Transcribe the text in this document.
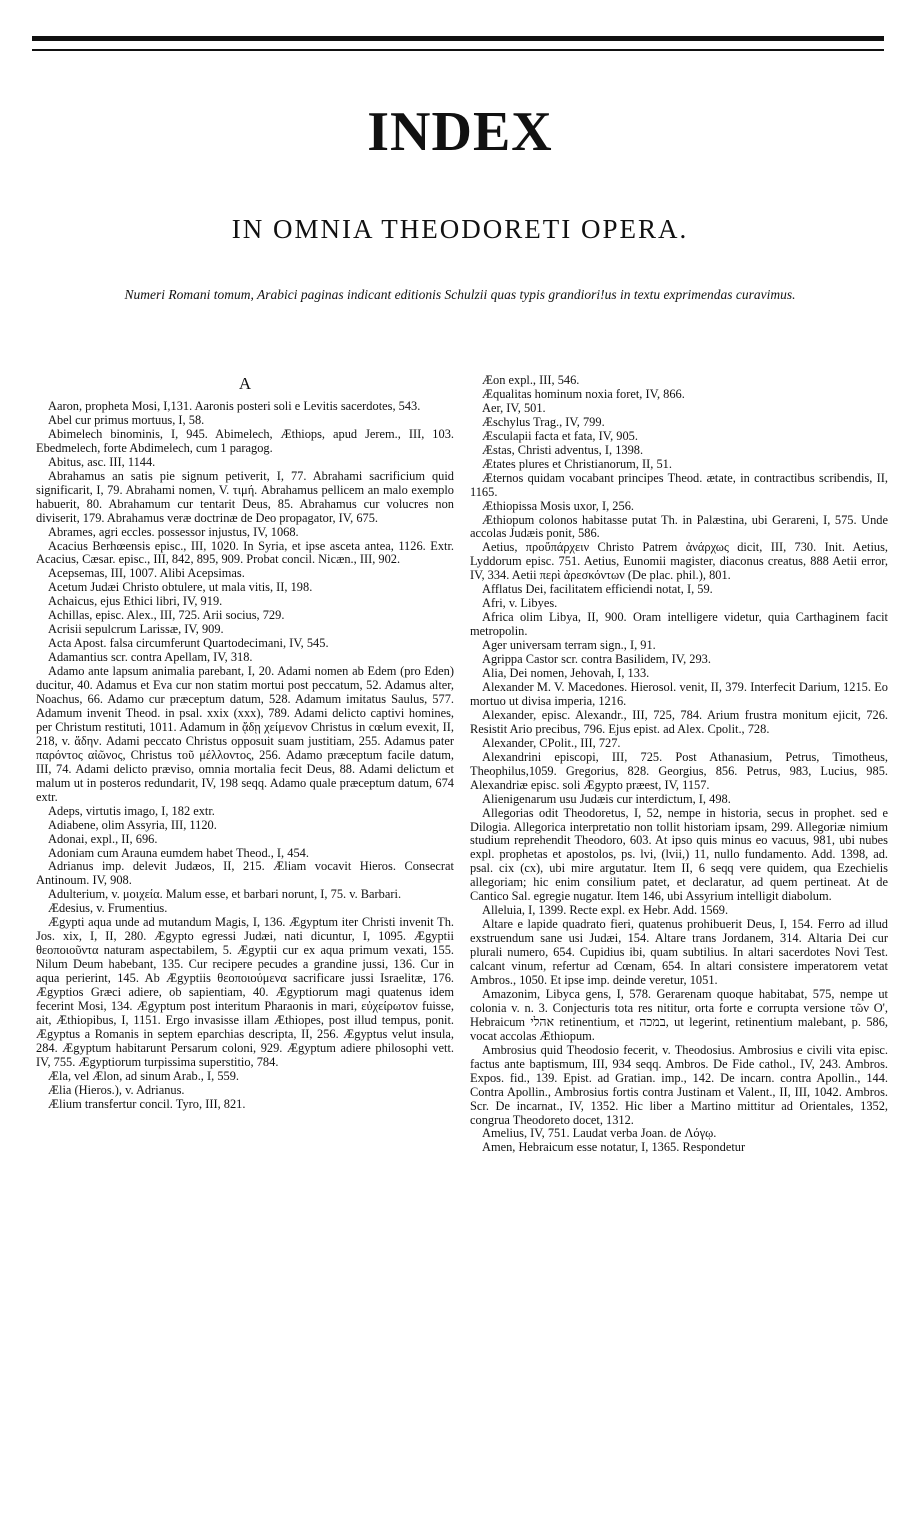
INDEX
IN OMNIA THEODORETI OPERA.
Numeri Romani tomum, Arabici paginas indicant editionis Schulzii quas typis grandiori!us in textu exprimendas curavimus.
A

Aaron, propheta Mosi, I,131. Aaronis posteri soli e Levitis sacerdotes, 543.

Abel cur primus mortuus, I, 58.

Abimelech binominis, I, 945. Abimelech, Æthiops, apud Jerem., III, 103. Ebedmelech, forte Abdimelech, cum 1 paragog.

Abitus, asc. III, 1144.

Abrahamus an satis pie signum petiverit, I, 77. Abrahami sacrificium quid significarit, I, 79. Abrahami nomen, V. τιμή. Abrahamus pellicem an malo exemplo habuerit, 80. Abrahamum cur tentarit Deus, 85. Abrahamus cur volucres non diviserit, 179. Abrahamus veræ doctrinæ de Deo propagator, IV, 675.

Abrames, agri eccles. possessor injustus, IV, 1068.

Acacius Berhœensis episc., III, 1020. In Syria, et ipse asceta antea, 1126. Extr. Acacius, Cæsar. episc., III, 842, 895, 909. Probat concil. Nicæn., III, 902.

Acepsemas, III, 1007. Alibi Acepsimas.

Acetum Judæi Christo obtulere, ut mala vitis, II, 198.

Achaicus, ejus Ethici libri, IV, 919.

Achillas, episc. Alex., III, 725. Arii socius, 729.

Acrisii sepulcrum Larissæ, IV, 909.

Acta Apost. falsa circumferunt Quartodecimani, IV, 545.

Adamantius scr. contra Apellam, IV, 318.

Adamo ante lapsum animalia parebant, I, 20. Adami nomen ab Edem (pro Eden) ducitur, 40. Adamus et Eva cur non statim mortui post peccatum, 52. Adamus alter, Noachus, 66. Adamo cur præceptum datum, 528. Adamum imitatus Saulus, 577. Adamum invenit Theod. in psal. xxix (xxx), 789. Adami delicto captivi homines, per Christum restituti, 1011. Adamum in ᾄδῃ χείμενον Christus in cœlum evexit, II, 218, v. ἅδην. Adami peccato Christus opposuit suam justitiam, 255. Adamus pater παρόντος αἰῶνος, Christus τοῦ μέλλοντος, 256. Adamo præceptum facile datum, III, 74. Adami delicto præviso, omnia mortalia fecit Deus, 88. Adami delictum et malum ut in posteros redundarit, IV, 198 seqq. Adamo quale præceptum datum, 674 extr.

Adeps, virtutis imago, I, 182 extr.

Adiabene, olim Assyria, III, 1120.

Adonai, expl., II, 696.

Adoniam cum Arauna eumdem habet Theod., I, 454.

Adrianus imp. delevit Judæos, II, 215. Æliam vocavit Hieros. Consecrat Antinoum. IV, 908.

Adulterium, v. μοιχεία. Malum esse, et barbari norunt, I, 75. v. Barbari.

Ædesius, v. Frumentius.

Ægypti aqua unde ad mutandum Magis, I, 136. Ægyptum iter Christi invenit Th. Jos. xix, I, II, 280. Ægypto egressi Judæi, nati dicuntur, I, 1095. Ægyptii θεοποιοῦντα naturam aspectabilem, 5. Ægyptii cur ex aqua primum vexati, 155. Nilum Deum habebant, 135. Cur recipere pecudes a grandine jussi, 136. Cur in aqua perierint, 145. Ab Ægyptiis θεοποιούμενα sacrificare jussi Israelitæ, 176. Ægyptios Græci adiere, ob sapientiam, 40. Ægyptiorum magi quatenus idem fecerint Mosi, 134. Ægyptum post interitum Pharaonis in mari, εὐχείρωτον fuisse, ait, Æthiopibus, I, 1151. Ergo invasisse illam Æthiopes, post illud tempus, ponit. Ægyptus a Romanis in septem eparchias descripta, II, 256. Ægyptus velut insula, 284. Ægyptum habitarunt Persarum coloni, 929. Ægyptum adiere philosophi vett. IV, 755. Ægyptiorum turpissima superstitio, 784.

Æla, vel Ælon, ad sinum Arab., I, 559.

Ælia (Hieros.), v. Adrianus.

Ælium transfertur concil. Tyro, III, 821.

Æon expl., III, 546.

Æqualitas hominum noxia foret, IV, 866.

Aer, IV, 501.

Æschylus Trag., IV, 799.

Æsculapii facta et fata, IV, 905.

Æstas, Christi adventus, I, 1398.

Ætates plures et Christianorum, II, 51.

Æternos quidam vocabant principes Theod. ætate, in contractibus scribendis, II, 1165.

Æthiopissa Mosis uxor, I, 256.

Æthiopum colonos habitasse putat Th. in Palæstina, ubi Gerareni, I, 575. Unde accolas Judæis ponit, 586.

Aetius, προὔπάρχειν Christo Patrem ἀνάρχως dicit, III, 730. Init. Aetius, Lyddorum episc. 751. Aetius, Eunomii magister, diaconus creatus, 888 Aetii error, IV, 334. Aetii περὶ ἀρεσκόντων (De plac. phil.), 801.

Afflatus Dei, facilitatem efficiendi notat, I, 59.

Afri, v. Libyes.

Africa olim Libya, II, 900. Oram intelligere videtur, quia Carthaginem facit metropolin.

Ager universam terram sign., I, 91.

Agrippa Castor scr. contra Basilidem, IV, 293.

Alia, Dei nomen, Jehovah, I, 133.

Alexander M. V. Macedones. Hierosol. venit, II, 379. Interfecit Darium, 1215. Eo mortuo ut divisa imperia, 1216.

Alexander, episc. Alexandr., III, 725, 784. Arium frustra monitum ejicit, 726. Resistit Ario precibus, 796. Ejus epist. ad Alex. Cpolit., 728.

Alexander, CPolit., III, 727.

Alexandrini episcopi, III, 725. Post Athanasium, Petrus, Timotheus, Theophilus,1059. Gregorius, 828. Georgius, 856. Petrus, 983, Lucius, 985. Alexandriæ episc. soli Ægypto præest, IV, 1157.

Alienigenarum usu Judæis cur interdictum, I, 498.

Allegorias odit Theodoretus, I, 52, nempe in historia, secus in prophet. sed e Dilogia. Allegorica interpretatio non tollit historiam ipsam, 299. Allegoriæ nimium studium reprehendit Theodoro, 603. At ipso quis minus eo vacuus, 981, ubi nubes expl. prophetas et apostolos, ps. lvi, (lvii,) 11, nullo fundamento. Add. 1398, ad. psal. cix (cx), ubi mire argutatur. Item II, 6 seqq vere quidem, qua Ezechielis allegoriam; hic enim consilium patet, et declaratur, ad quem pertineat. At de Cantico Sal. egregie nugatur. Item 146, ubi Assyrium intelligit diabolum.

Alleluia, I, 1399. Recte expl. ex Hebr. Add. 1569.

Altare e lapide quadrato fieri, quatenus prohibuerit Deus, I, 154. Ferro ad illud exstruendum sane usi Judæi, 154. Altare trans Jordanem, 314. Altaria Dei cur plurali numero, 654. Cupidius ibi, quam subtilius. In altari sacerdotes Novi Test. calcant vinum, refertur ad Cœnam, 654. In altari consistere imperatorem vetat Ambros., 1050. Et ipse imp. deinde veretur, 1051.

Amazonim, Libyca gens, I, 578. Gerarenam quoque habitabat, 575, nempe ut colonia v. n. 3. Conjecturis tota res nititur, orta forte e corrupta versione τῶν Ο', Hebraicum אהלי retinentium, et במכה, ut legerint, retinentium malebant, p. 586, vocat accolas Æthiopum.

Ambrosius quid Theodosio fecerit, v. Theodosius. Ambrosius e civili vita episc. factus ante baptismum, III, 934 seqq. Ambros. De Fide cathol., IV, 243. Ambros. Expos. fid., 139. Epist. ad Gratian. imp., 142. De incarn. contra Apollin., 144. Contra Apollin., Ambrosius fortis contra Justinam et Valent., II, III, 1042. Ambros. Scr. De incarnat., IV, 1352. Hic liber a Martino mittitur ad Orientales, 1352, congrua Theodoreto docet, 1312.

Amelius, IV, 751. Laudat verba Joan. de Λόγῳ.

Amen, Hebraicum esse notatur, I, 1365. Respondetur
